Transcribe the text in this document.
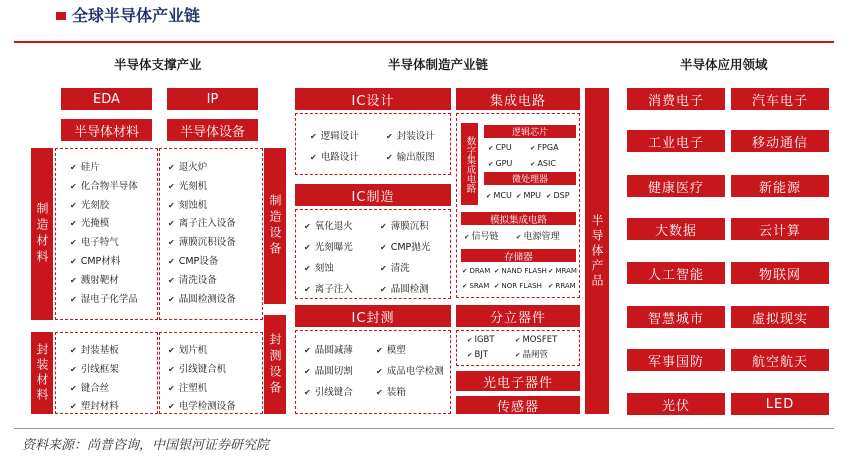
全球半导体产业链
半导体支撑产业	半导体制造产业链	半导体应用领域
EDA	IP
半导体材料	半导体设备
制造材料
✔ 硅片
✔ 化合物半导体
✔ 光刻胶
✔ 光掩模
✔ 电子特气
✔ CMP材料
✔ 溅射靶材
✔ 湿电子化学品
✔ 退火炉
✔ 光刻机
✔ 刻蚀机
✔ 离子注入设备
✔ 薄膜沉积设备
✔ CMP设备
✔ 清洗设备
✔ 晶圆检测设备
制造设备
封装材料	✔ 封装基板
✔ 引线框架
✔ 键合丝
✔ 塑封材料
✔ 划片机
✔ 引线键合机
✔ 注塑机
✔ 电学检测设备
封测设备
IC设计
✔ 逻辑设计	✔ 封装设计
✔ 电路设计	✔ 输出版图
IC制造
✔ 氧化退火	✔ 薄膜沉积
✔ 光刻曝光	✔ CMP抛光
✔ 刻蚀	✔ 清洗
✔ 离子注入	✔ 晶圆检测
IC封测
✔ 晶圆减薄	✔ 模塑
✔ 晶圆切割	✔ 成品电学检测
✔ 引线键合	✔ 装箱
集成电路
数字集成电路
逻辑芯片
✔ CPU	✔ FPGA
✔ GPU	✔ ASIC
微处理器
✔ MCU	✔ MPU	✔ DSP
模拟集成电路
✔ 信号链	✔ 电源管理
存储器
✔ DRAM	✔ NAND FLASH	✔ MRAM
✔ SRAM	✔ NOR FLASH	✔ RRAM
分立器件
✔ IGBT	✔ MOSFET
✔ BJT	✔ 晶闸管
光电子器件
传感器
半导体产品
消费电子	汽车电子
工业电子	移动通信
健康医疗	新能源
大数据	云计算
人工智能	物联网
智慧城市	虚拟现实
军事国防	航空航天
光伏	LED
资料来源：尚普咨询，中国银河证券研究院
